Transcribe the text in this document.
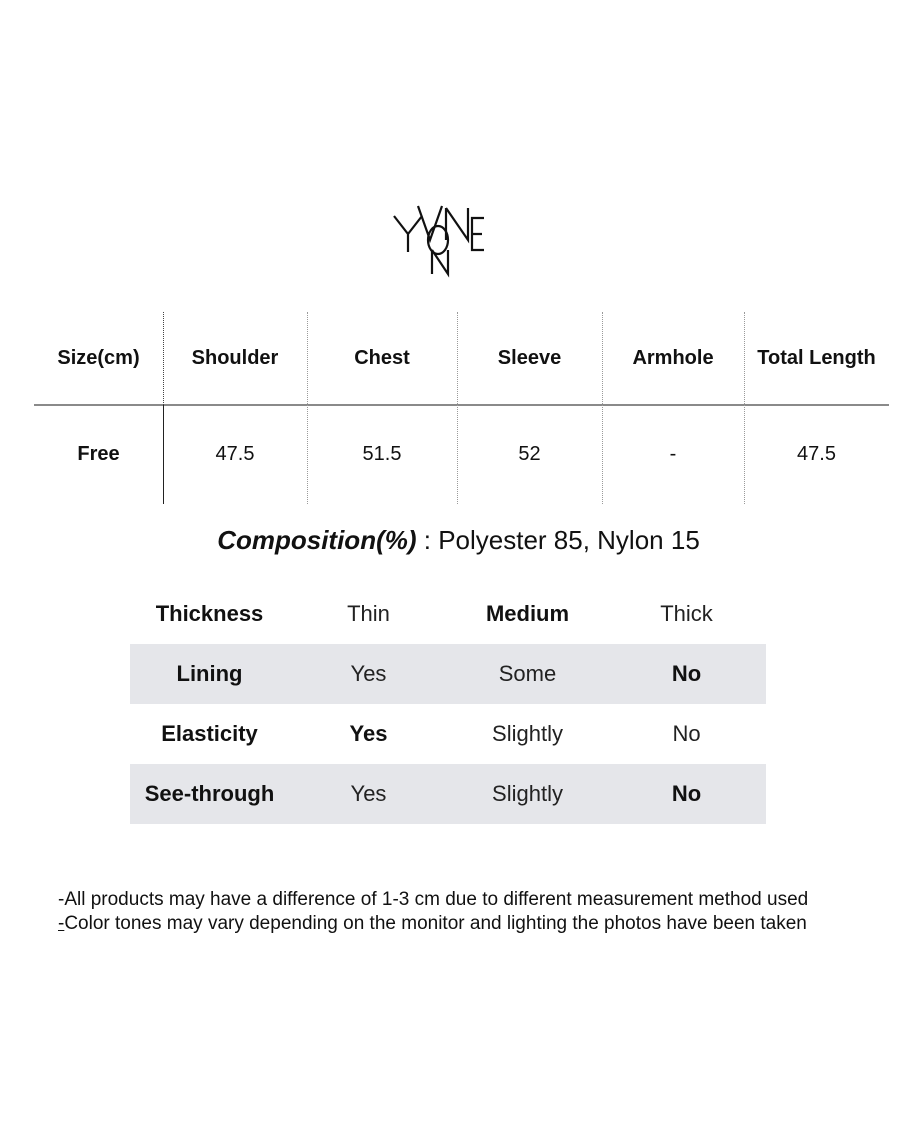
Size(cm)	Shoulder	Chest	Sleeve	Armhole	Total Length
Free	47.5	51.5	52	-	47.5
Composition(%) : Polyester 85, Nylon 15
Thickness	Thin	Medium	Thick
Lining	Yes	Some	No
Elasticity	Yes	Slightly	No
See-through	Yes	Slightly	No
-All products may have a difference of 1-3 cm due to different measurement method used
-Color tones may vary depending on the monitor and lighting the photos have been taken
